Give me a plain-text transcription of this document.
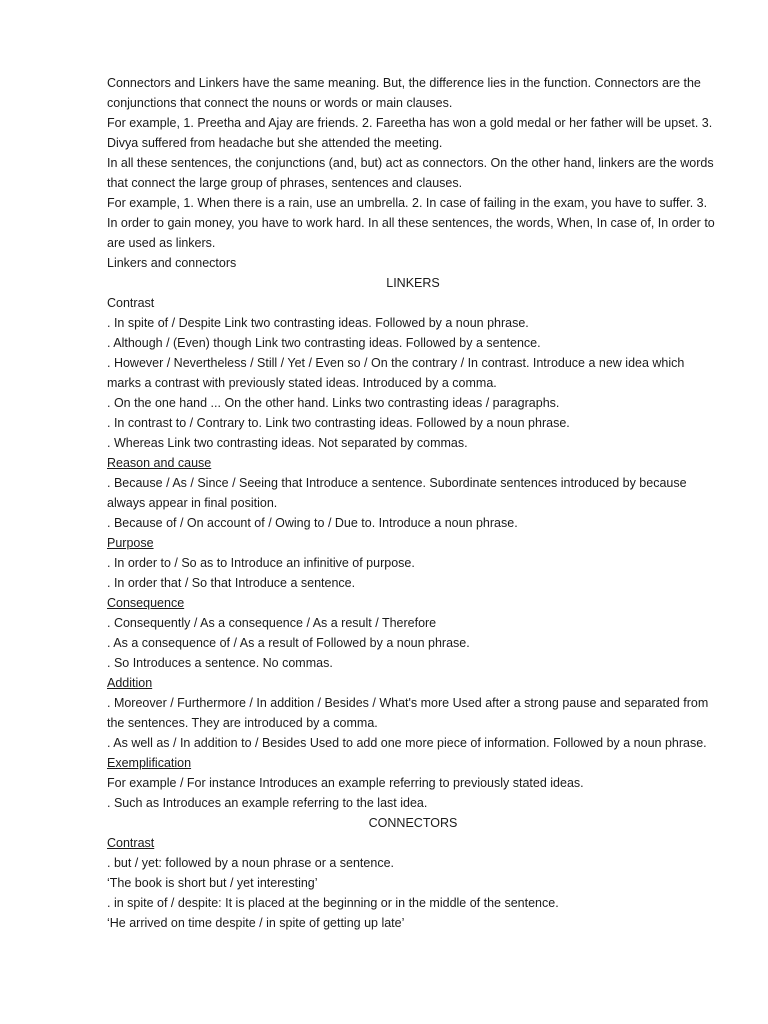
Connectors and Linkers have the same meaning. But, the difference lies in the function. Connectors are the conjunctions that connect the nouns or words or main clauses.

For example, 1. Preetha and Ajay are friends. 2. Fareetha has won a gold medal or her father will be upset. 3. Divya suffered from headache but she attended the meeting.

In all these sentences, the conjunctions (and, but) act as connectors. On the other hand, linkers are the words that connect the large group of phrases, sentences and clauses.

For example, 1. When there is a rain, use an umbrella. 2. In case of failing in the exam, you have to suffer. 3. In order to gain money, you have to work hard. In all these sentences, the words, When, In case of, In order to are used as linkers.

Linkers and connectors

LINKERS

Contrast

. In spite of / Despite Link two contrasting ideas. Followed by a noun phrase.

. Although / (Even) though Link two contrasting ideas. Followed by a sentence.

. However / Nevertheless / Still / Yet / Even so / On the contrary / In contrast. Introduce a new idea which marks a contrast with previously stated ideas. Introduced by a comma.

. On the one hand ... On the other hand. Links two contrasting ideas / paragraphs.

. In contrast to / Contrary to. Link two contrasting ideas. Followed by a noun phrase.

. Whereas Link two contrasting ideas. Not separated by commas.

Reason and cause

. Because / As / Since / Seeing that Introduce a sentence. Subordinate sentences introduced by because always appear in final position.

. Because of / On account of / Owing to / Due to. Introduce a noun phrase.

Purpose

. In order to / So as to Introduce an infinitive of purpose.

. In order that / So that Introduce a sentence.

Consequence

. Consequently / As a consequence / As a result / Therefore

. As a consequence of / As a result of Followed by a noun phrase.

. So Introduces a sentence. No commas.

Addition

. Moreover / Furthermore / In addition / Besides / What's more Used after a strong pause and separated from the sentences. They are introduced by a comma.

. As well as / In addition to / Besides Used to add one more piece of information. Followed by a noun phrase.

Exemplification

For example / For instance Introduces an example referring to previously stated ideas.

. Such as Introduces an example referring to the last idea.

CONNECTORS

Contrast

. but / yet: followed by a noun phrase or a sentence.

‘The book is short but / yet interesting’

. in spite of / despite: It is placed at the beginning or in the middle of the sentence.

‘He arrived on time despite / in spite of getting up late’
